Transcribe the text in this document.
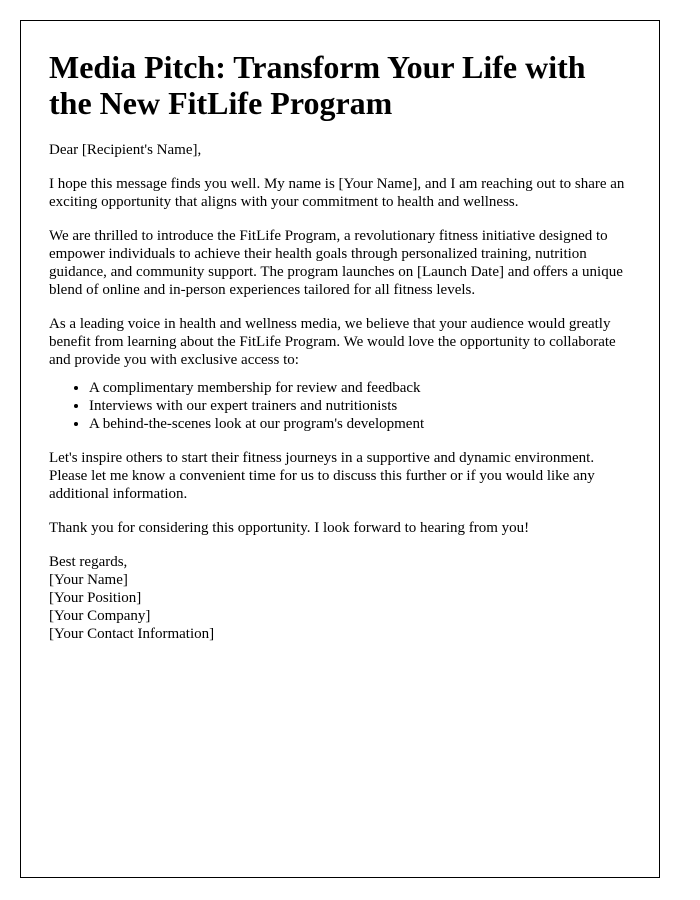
Media Pitch: Transform Your Life with the New FitLife Program

Dear [Recipient's Name],

I hope this message finds you well. My name is [Your Name], and I am reaching out to share an exciting opportunity that aligns with your commitment to health and wellness.

We are thrilled to introduce the FitLife Program, a revolutionary fitness initiative designed to empower individuals to achieve their health goals through personalized training, nutrition guidance, and community support. The program launches on [Launch Date] and offers a unique blend of online and in-person experiences tailored for all fitness levels.

As a leading voice in health and wellness media, we believe that your audience would greatly benefit from learning about the FitLife Program. We would love the opportunity to collaborate and provide you with exclusive access to:

• A complimentary membership for review and feedback
• Interviews with our expert trainers and nutritionists
• A behind-the-scenes look at our program's development

Let's inspire others to start their fitness journeys in a supportive and dynamic environment. Please let me know a convenient time for us to discuss this further or if you would like any additional information.

Thank you for considering this opportunity. I look forward to hearing from you!

Best regards,
[Your Name]
[Your Position]
[Your Company]
[Your Contact Information]
